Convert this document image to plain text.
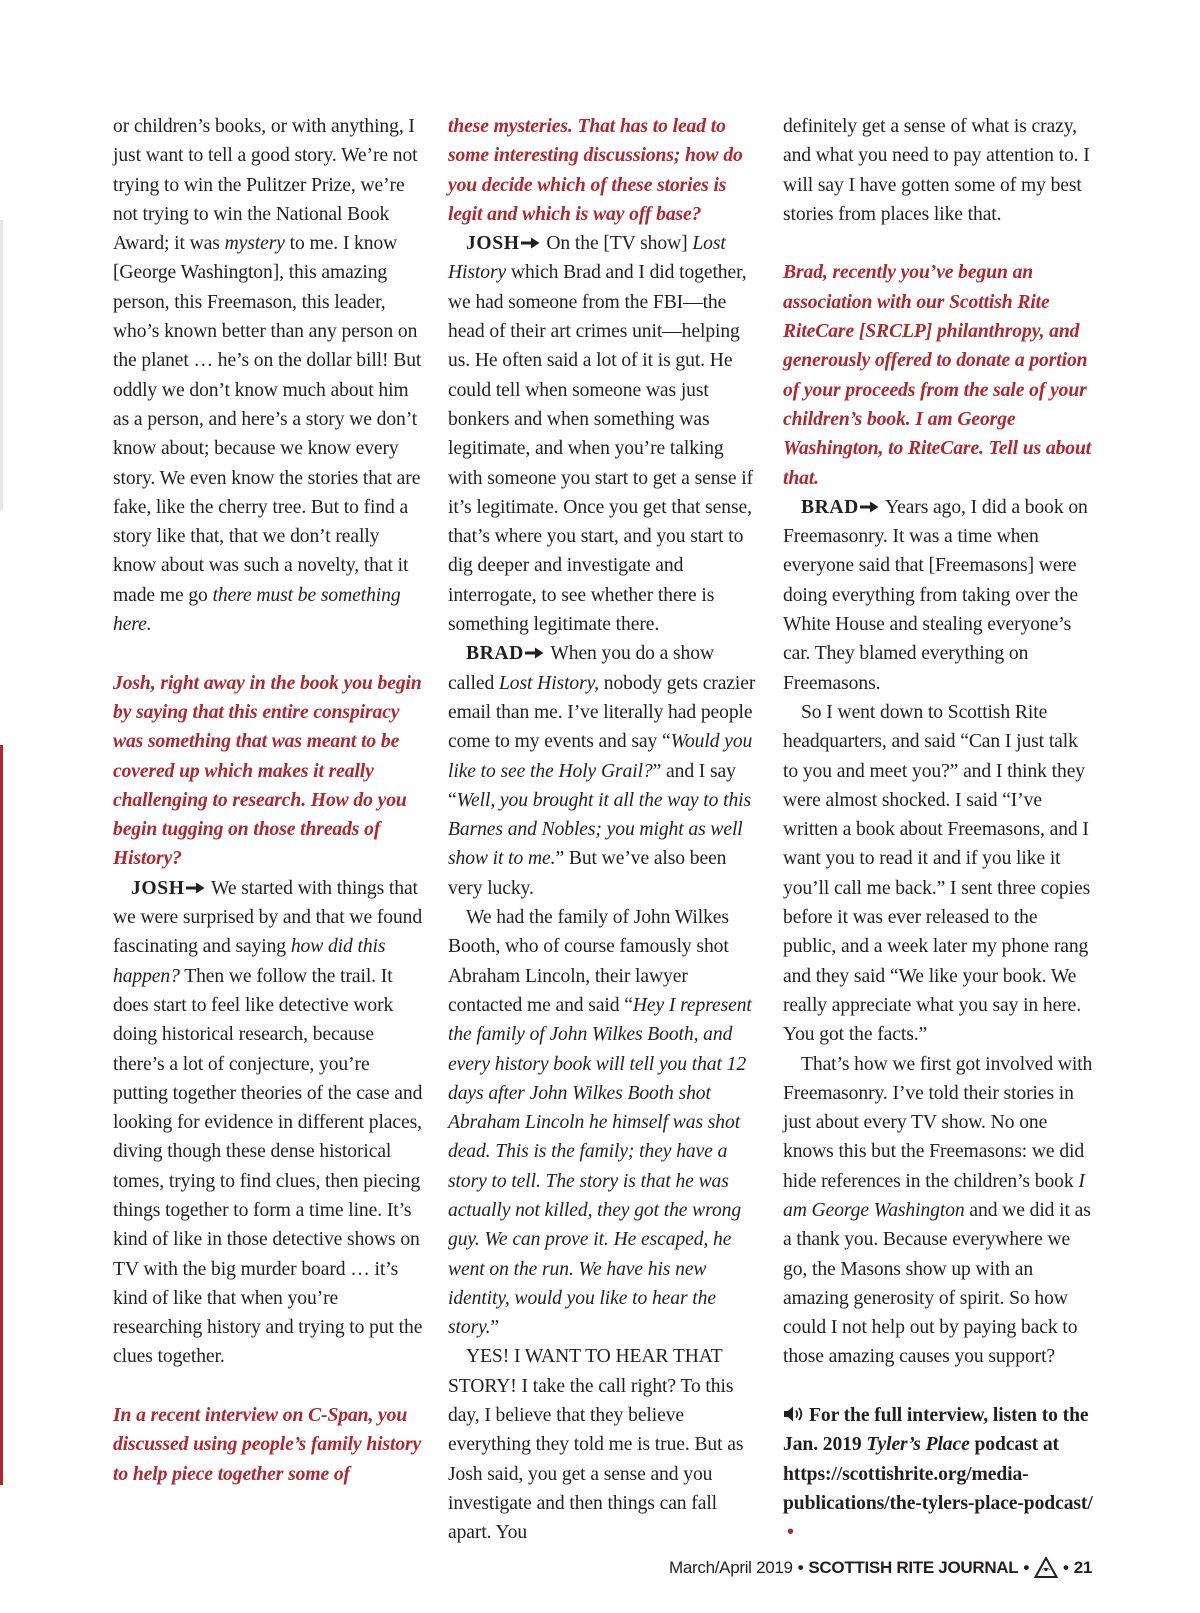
or children’s books, or with anything, I just want to tell a good story. We’re not trying to win the Pulitzer Prize, we’re not trying to win the National Book Award; it was mystery to me. I know [George Washington], this amazing person, this Freemason, this leader, who’s known better than any person on the planet … he’s on the dollar bill! But oddly we don’t know much about him as a person, and here’s a story we don’t know about; because we know every story. We even know the stories that are fake, like the cherry tree. But to find a story like that, that we don’t really know about was such a novelty, that it made me go there must be something here.

Josh, right away in the book you begin by saying that this entire conspiracy was something that was meant to be covered up which makes it really challenging to research. How do you begin tugging on those threads of History?

JOSH We started with things that we were surprised by and that we found fascinating and saying how did this happen? Then we follow the trail. It does start to feel like detective work doing historical research, because there’s a lot of conjecture, you’re putting together theories of the case and looking for evidence in different places, diving though these dense historical tomes, trying to find clues, then piecing things together to form a time line. It’s kind of like in those detective shows on TV with the big murder board … it’s kind of like that when you’re researching history and trying to put the clues together.

In a recent interview on C-Span, you discussed using people’s family history to help piece together some of

these mysteries. That has to lead to some interesting discussions; how do you decide which of these stories is legit and which is way off base?

JOSH On the [TV show] Lost History which Brad and I did together, we had someone from the FBI—the head of their art crimes unit—helping us. He often said a lot of it is gut. He could tell when someone was just bonkers and when something was legitimate, and when you’re talking with someone you start to get a sense if it’s legitimate. Once you get that sense, that’s where you start, and you start to dig deeper and investigate and interrogate, to see whether there is something legitimate there.

BRAD When you do a show called Lost History, nobody gets crazier email than me. I’ve literally had people come to my events and say “Would you like to see the Holy Grail?” and I say “Well, you brought it all the way to this Barnes and Nobles; you might as well show it to me.” But we’ve also been very lucky.

We had the family of John Wilkes Booth, who of course famously shot Abraham Lincoln, their lawyer contacted me and said “Hey I represent the family of John Wilkes Booth, and every history book will tell you that 12 days after John Wilkes Booth shot Abraham Lincoln he himself was shot dead. This is the family; they have a story to tell. The story is that he was actually not killed, they got the wrong guy. We can prove it. He escaped, he went on the run. We have his new identity, would you like to hear the story.”

YES! I WANT TO HEAR THAT STORY! I take the call right? To this day, I believe that they believe everything they told me is true. But as Josh said, you get a sense and you investigate and then things can fall apart. You

definitely get a sense of what is crazy, and what you need to pay attention to. I will say I have gotten some of my best stories from places like that.

Brad, recently you’ve begun an association with our Scottish Rite RiteCare [SRCLP] philanthropy, and generously offered to donate a portion of your proceeds from the sale of your children’s book. I am George Washington, to RiteCare. Tell us about that.

BRAD Years ago, I did a book on Freemasonry. It was a time when everyone said that [Freemasons] were doing everything from taking over the White House and stealing everyone’s car. They blamed everything on Freemasons.

So I went down to Scottish Rite headquarters, and said “Can I just talk to you and meet you?” and I think they were almost shocked. I said “I’ve written a book about Freemasons, and I want you to read it and if you like it you’ll call me back.” I sent three copies before it was ever released to the public, and a week later my phone rang and they said “We like your book. We really appreciate what you say in here. You got the facts.”

That’s how we first got involved with Freemasonry. I’ve told their stories in just about every TV show. No one knows this but the Freemasons: we did hide references in the children’s book I am George Washington and we did it as a thank you. Because everywhere we go, the Masons show up with an amazing generosity of spirit. So how could I not help out by paying back to those amazing causes you support?

For the full interview, listen to the Jan. 2019 Tyler’s Place podcast at https://scottishrite.org/media-publications/the-tylers-place-podcast/•

March/April 2019 • SCOTTISH RITE JOURNAL • • 21
